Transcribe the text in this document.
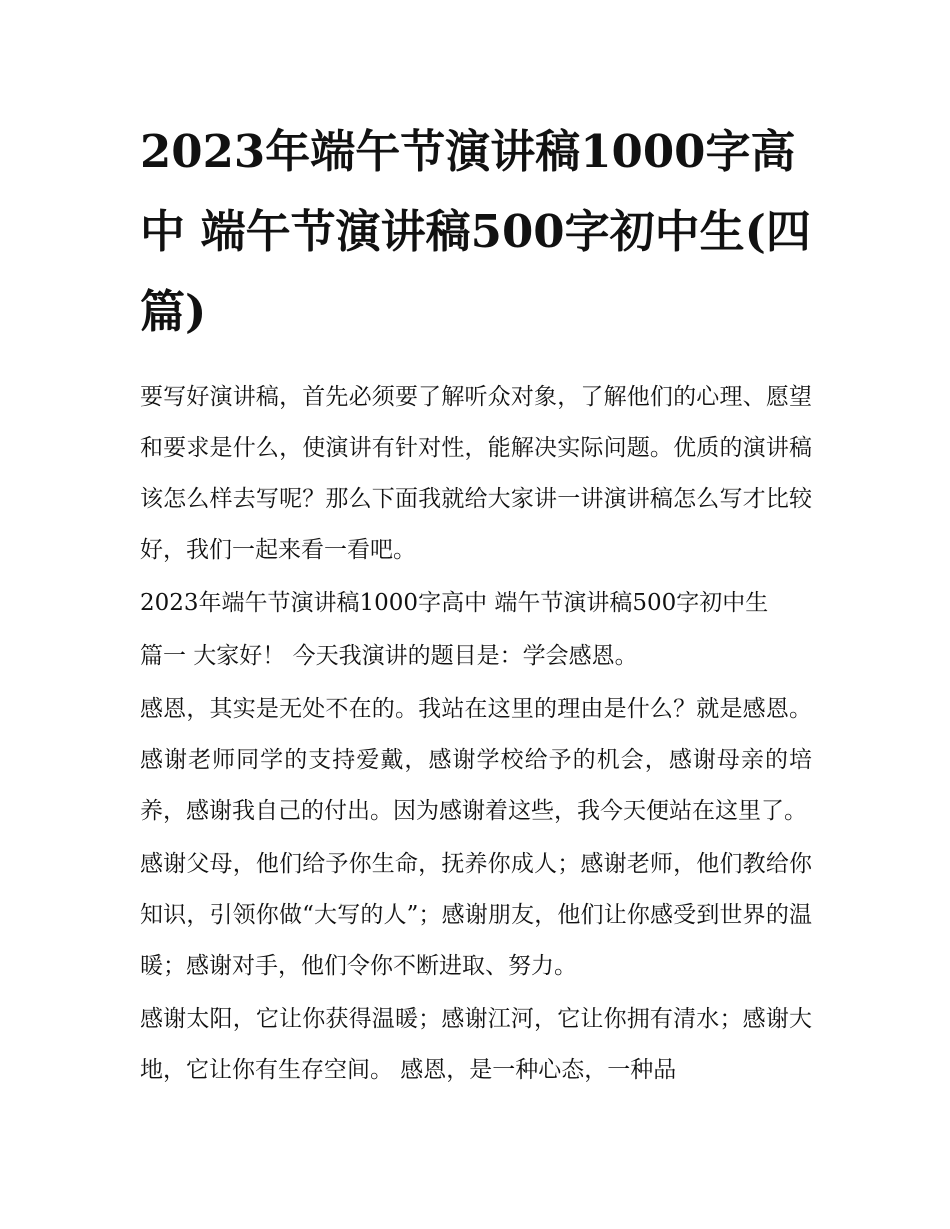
2023年端午节演讲稿1000字高中 端午节演讲稿500字初中生(四篇)

要写好演讲稿，首先必须要了解听众对象，了解他们的心理、愿望和要求是什么，使演讲有针对性，能解决实际问题。优质的演讲稿该怎么样去写呢？那么下面我就给大家讲一讲演讲稿怎么写才比较好，我们一起来看一看吧。

2023年端午节演讲稿1000字高中 端午节演讲稿500字初中生

篇一 大家好！ 今天我演讲的题目是：学会感恩。

感恩，其实是无处不在的。我站在这里的理由是什么？就是感恩。感谢老师同学的支持爱戴，感谢学校给予的机会，感谢母亲的培养，感谢我自己的付出。因为感谢着这些，我今天便站在这里了。

感谢父母，他们给予你生命，抚养你成人；感谢老师，他们教给你知识，引领你做“大写的人”；感谢朋友，他们让你感受到世界的温暖；感谢对手，他们令你不断进取、努力。

感谢太阳，它让你获得温暖；感谢江河，它让你拥有清水；感谢大地，它让你有生存空间。 感恩，是一种心态，一种品
